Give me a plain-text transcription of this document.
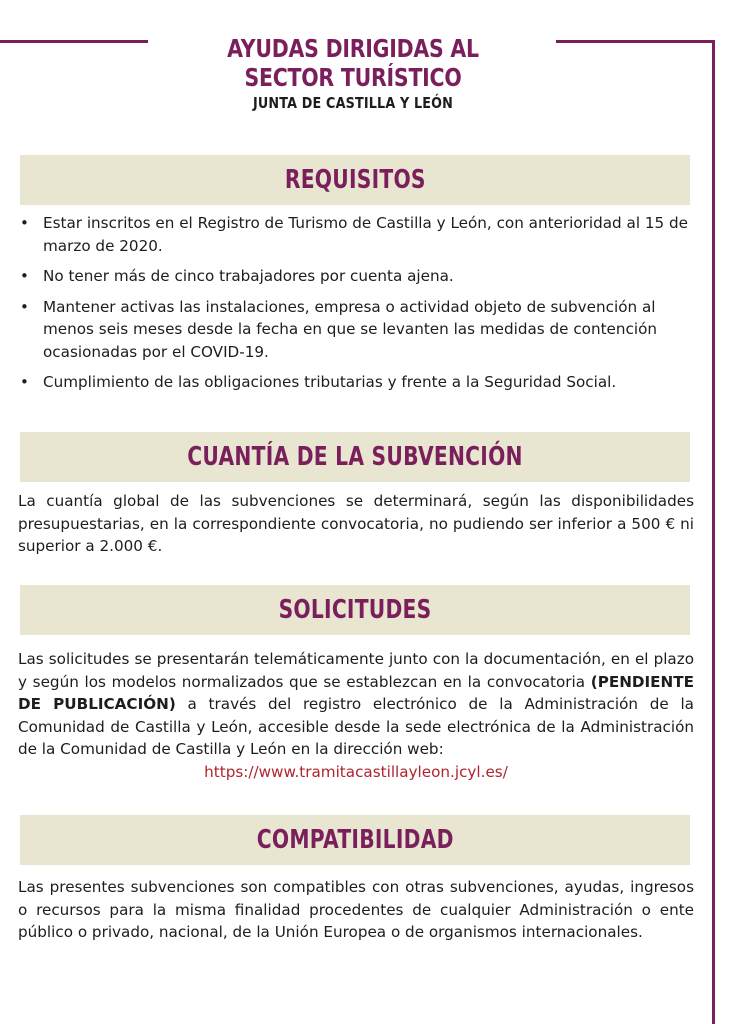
AYUDAS DIRIGIDAS AL
SECTOR TURÍSTICO
JUNTA DE CASTILLA Y LEÓN
REQUISITOS
• Estar inscritos en el Registro de Turismo de Castilla y León, con anterioridad al 15 de marzo de 2020.
• No tener más de cinco trabajadores por cuenta ajena.
• Mantener activas las instalaciones, empresa o actividad objeto de subvención al menos seis meses desde la fecha en que se levanten las medidas de contención ocasionadas por el COVID-19.
• Cumplimiento de las obligaciones tributarias y frente a la Seguridad Social.
CUANTÍA DE LA SUBVENCIÓN

La cuantía global de las subvenciones se determinará, según las disponibilidades presupuestarias, en la correspondiente convocatoria, no pudiendo ser inferior a 500 € ni superior a 2.000 €.

SOLICITUDES

Las solicitudes se presentarán telemáticamente junto con la documentación, en el plazo y según los modelos normalizados que se establezcan en la convocatoria (PENDIENTE DE PUBLICACIÓN) a través del registro electrónico de la Administración de la Comunidad de Castilla y León, accesible desde la sede electrónica de la Administración de la Comunidad de Castilla y León en la dirección web:
https://www.tramitacastillayleon.jcyl.es/

COMPATIBILIDAD

Las presentes subvenciones son compatibles con otras subvenciones, ayudas, ingresos o recursos para la misma finalidad procedentes de cualquier Administración o ente público o privado, nacional, de la Unión Europea o de organismos internacionales.
